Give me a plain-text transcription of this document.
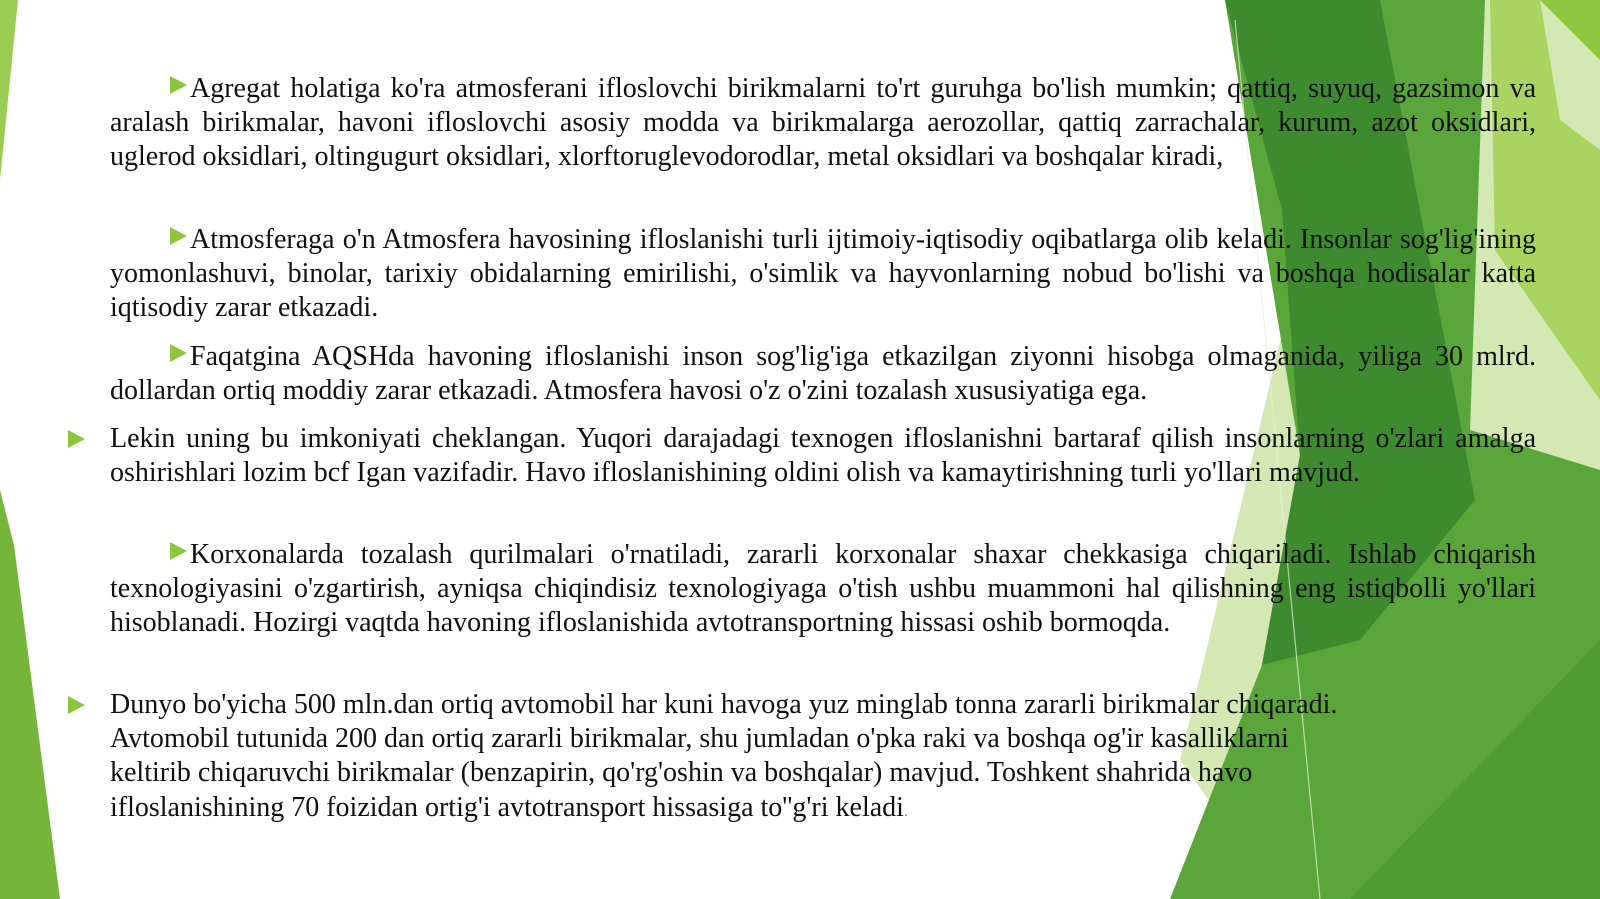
Agregat holatiga ko'ra atmosferani ifloslovchi birikmalarni to'rt guruhga bo'lish mumkin; qattiq, suyuq, gazsimon va aralash birikmalar, havoni ifloslovchi asosiy modda va birikmalarga aerozollar, qattiq zarrachalar, kurum, azot oksidlari, uglerod oksidlari, oltingugurt oksidlari, xlorftoruglevodorodlar, metal oksidlari va boshqalar kiradi,

Atmosferaga o'n Atmosfera havosining ifloslanishi turli ijtimoiy-iqtisodiy oqibatlarga olib keladi. Insonlar sog'lig'ining yomonlashuvi, binolar, tarixiy obidalarning emirilishi, o'simlik va hayvonlarning nobud bo'lishi va boshqa hodisalar katta iqtisodiy zarar etkazadi.

Faqatgina AQSHda havoning ifloslanishi inson sog'lig'iga etkazilgan ziyonni hisobga olmaganida, yiliga 30 mlrd. dollardan ortiq moddiy zarar etkazadi. Atmosfera havosi o'z o'zini tozalash xususiyatiga ega.

Lekin uning bu imkoniyati cheklangan. Yuqori darajadagi texnogen ifloslanishni bartaraf qilish insonlarning o'zlari amalga oshirishlari lozim bcf Igan vazifadir. Havo ifloslanishining oldini olish va kamaytirishning turli yo'llari mavjud.

Korxonalarda tozalash qurilmalari o'rnatiladi, zararli korxonalar shaxar chekkasiga chiqariladi. Ishlab chiqarish texnologiyasini o'zgartirish, ayniqsa chiqindisiz texnologiyaga o'tish ushbu muammoni hal qilishning eng istiqbolli yo'llari hisoblanadi. Hozirgi vaqtda havoning ifloslanishida avtotransportning hissasi oshib bormoqda.

Dunyo bo'yicha 500 mln.dan ortiq avtomobil har kuni havoga yuz minglab tonna zararli birikmalar chiqaradi.
Avtomobil tutunida 200 dan ortiq zararli birikmalar, shu jumladan o'pka raki va boshqa og'ir kasalliklarni
keltirib chiqaruvchi birikmalar (benzapirin, qo'rg'oshin va boshqalar) mavjud. Toshkent shahrida havo
ifloslanishining 70 foizidan ortig'i avtotransport hissasiga to''g'ri keladi.
